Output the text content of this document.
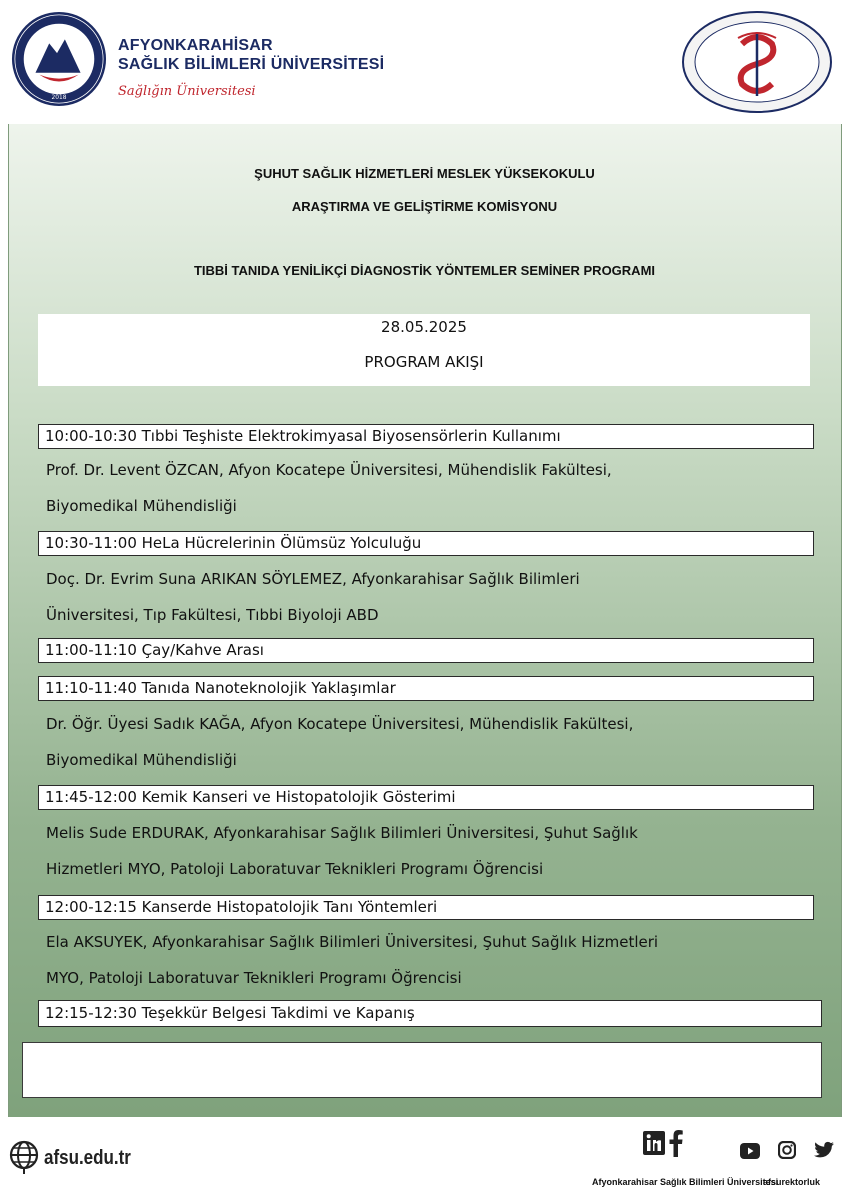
2018
AFYONKARAHİSAR
SAĞLIK BİLİMLERİ ÜNİVERSİTESİ
Sağlığın Üniversitesi
ŞUHUT SAĞLIK HİZMETLERİ MESLEK YÜKSEKOKULU
ARAŞTIRMA VE GELİŞTİRME KOMİSYONU
TIBBİ TANIDA YENİLİKÇİ DİAGNOSTİK YÖNTEMLER SEMİNER PROGRAMI
28.05.2025
PROGRAM AKIŞI
10:00-10:30 Tıbbi Teşhiste Elektrokimyasal Biyosensörlerin Kullanımı
Prof. Dr. Levent ÖZCAN, Afyon Kocatepe Üniversitesi, Mühendislik Fakültesi,
Biyomedikal Mühendisliği
10:30-11:00 HeLa Hücrelerinin Ölümsüz Yolculuğu
Doç. Dr. Evrim Suna ARIKAN SÖYLEMEZ, Afyonkarahisar Sağlık Bilimleri
Üniversitesi, Tıp Fakültesi, Tıbbi Biyoloji ABD
11:00-11:10 Çay/Kahve Arası
11:10-11:40 Tanıda Nanoteknolojik Yaklaşımlar
Dr. Öğr. Üyesi Sadık KAĞA, Afyon Kocatepe Üniversitesi, Mühendislik Fakültesi,
Biyomedikal Mühendisliği
11:45-12:00 Kemik Kanseri ve Histopatolojik Gösterimi
Melis Sude ERDURAK, Afyonkarahisar Sağlık Bilimleri Üniversitesi, Şuhut Sağlık
Hizmetleri MYO, Patoloji Laboratuvar Teknikleri Programı Öğrencisi
12:00-12:15 Kanserde Histopatolojik Tanı Yöntemleri
Ela AKSUYEK, Afyonkarahisar Sağlık Bilimleri Üniversitesi, Şuhut Sağlık Hizmetleri
MYO, Patoloji Laboratuvar Teknikleri Programı Öğrencisi
12:15-12:30 Teşekkür Belgesi Takdimi ve Kapanış
afsu.edu.tr
Afyonkarahisar Sağlık Bilimleri Üniversitesi
afsurektorluk
